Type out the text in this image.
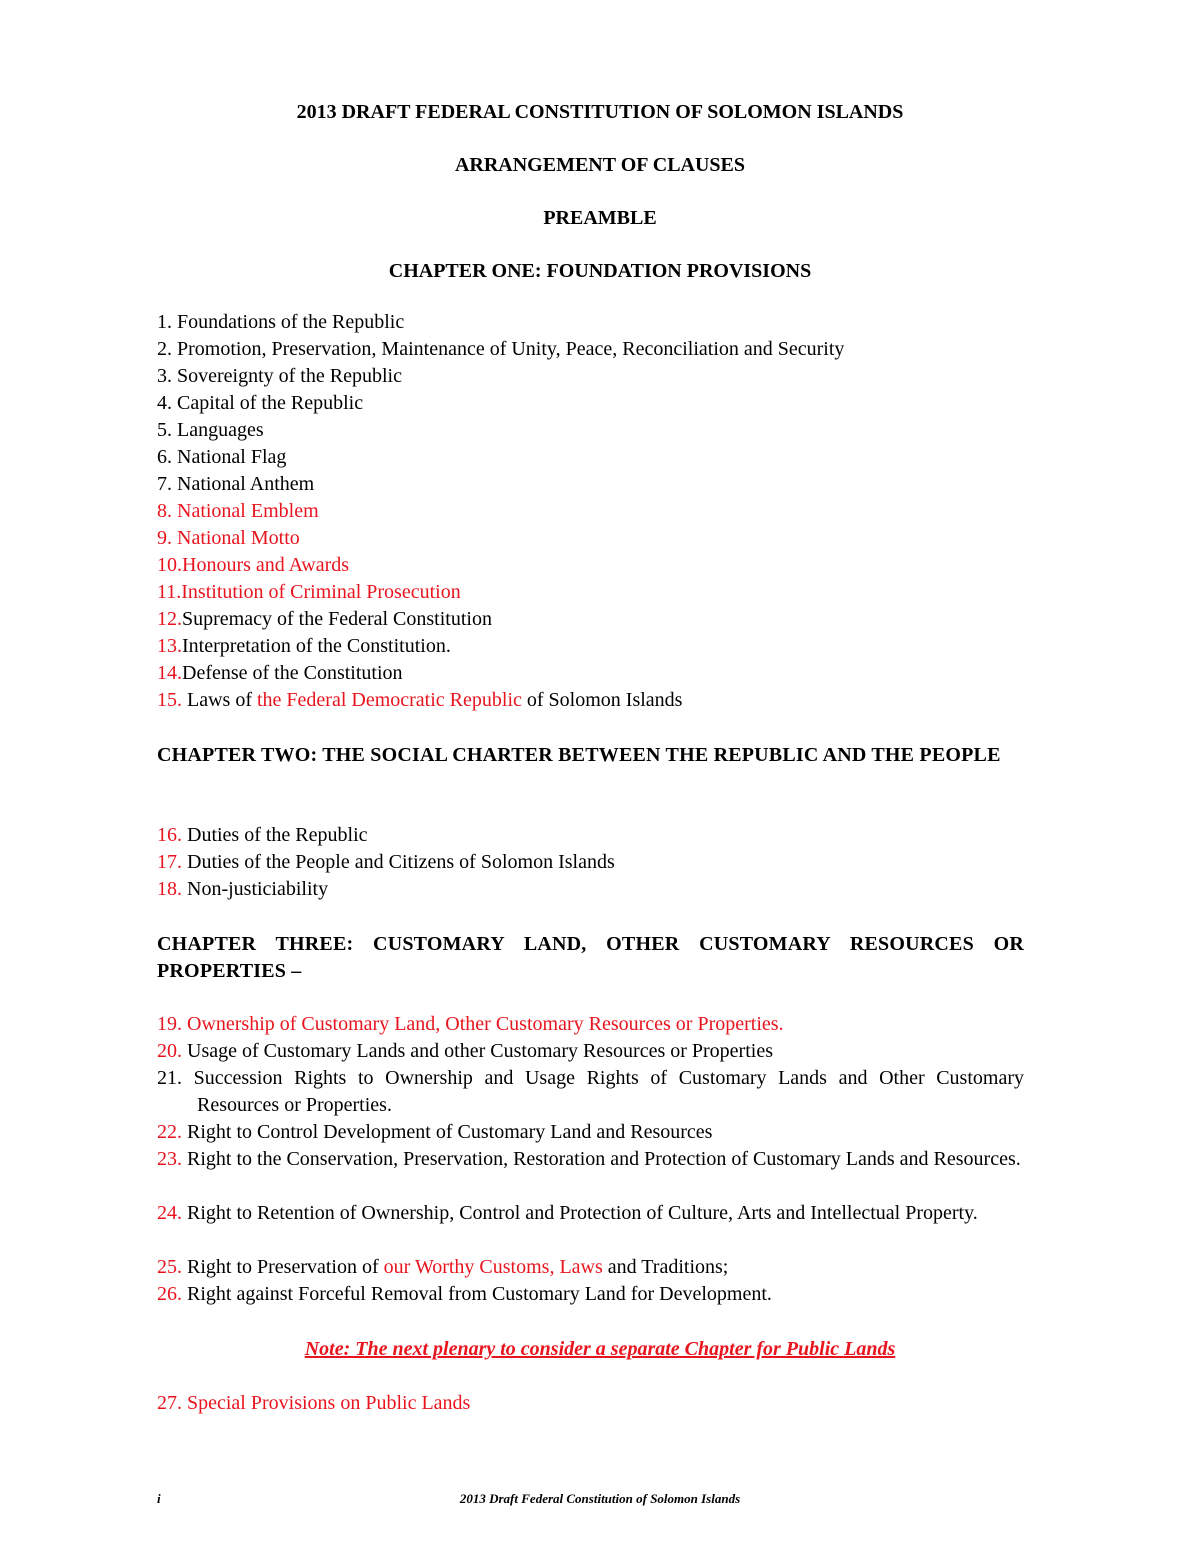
2013 DRAFT FEDERAL CONSTITUTION OF SOLOMON ISLANDS

ARRANGEMENT OF CLAUSES

PREAMBLE

CHAPTER ONE: FOUNDATION PROVISIONS

1. Foundations of the Republic

2. Promotion, Preservation, Maintenance of Unity, Peace, Reconciliation and Security

3. Sovereignty of the Republic

4. Capital of the Republic

5. Languages

6. National Flag

7. National Anthem

8. National Emblem

9. National Motto

10.Honours and Awards

11.Institution of Criminal Prosecution

12.Supremacy of the Federal Constitution

13.Interpretation of the Constitution.

14.Defense of the Constitution

15. Laws of the Federal Democratic Republic of Solomon Islands

CHAPTER TWO: THE SOCIAL CHARTER BETWEEN THE REPUBLIC AND THE PEOPLE

16. Duties of the Republic

17. Duties of the People and Citizens of Solomon Islands

18. Non-justiciability

CHAPTER THREE: CUSTOMARY LAND, OTHER CUSTOMARY RESOURCES OR PROPERTIES –

19. Ownership of Customary Land, Other Customary Resources or Properties.

20. Usage of Customary Lands and other Customary Resources or Properties

21. Succession Rights to Ownership and Usage Rights of Customary Lands and Other Customary Resources or Properties.

22. Right to Control Development of Customary Land and Resources

23. Right to the Conservation, Preservation, Restoration and Protection of Customary Lands and Resources.

24. Right to Retention of Ownership, Control and Protection of Culture, Arts and Intellectual Property.

25. Right to Preservation of our Worthy Customs, Laws and Traditions;

26. Right against Forceful Removal from Customary Land for Development.

Note: The next plenary to consider a separate Chapter for Public Lands

27. Special Provisions on Public Lands

i	2013 Draft Federal Constitution of Solomon Islands
